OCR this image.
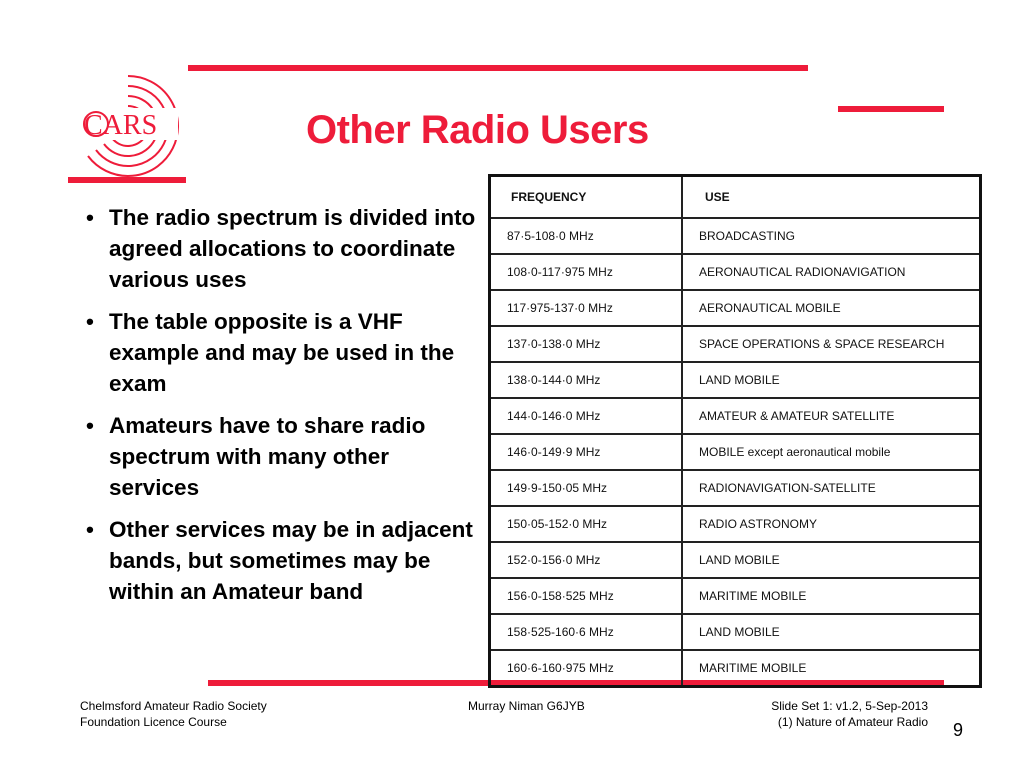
CARS	Other Radio Users
• The radio spectrum is divided into agreed allocations to coordinate various uses
• The table opposite is a VHF example and may be used in the exam
• Amateurs have to share radio spectrum with many other services
• Other services may be in adjacent bands, but sometimes may be within an Amateur band
FREQUENCY	USE
87·5-108·0 MHz	BROADCASTING
108·0-117·975 MHz	AERONAUTICAL RADIONAVIGATION
117·975-137·0 MHz	AERONAUTICAL MOBILE
137·0-138·0 MHz	SPACE OPERATIONS & SPACE RESEARCH
138·0-144·0 MHz	LAND MOBILE
144·0-146·0 MHz	AMATEUR & AMATEUR SATELLITE
146·0-149·9 MHz	MOBILE except aeronautical mobile
149·9-150·05 MHz	RADIONAVIGATION-SATELLITE
150·05-152·0 MHz	RADIO ASTRONOMY
152·0-156·0 MHz	LAND MOBILE
156·0-158·525 MHz	MARITIME MOBILE
158·525-160·6 MHz	LAND MOBILE
160·6-160·975 MHz	MARITIME MOBILE
Chelmsford Amateur Radio Society
Foundation Licence Course
Murray Niman G6JYB	Slide Set 1: v1.2, 5-Sep-2013
(1) Nature of Amateur Radio 9
